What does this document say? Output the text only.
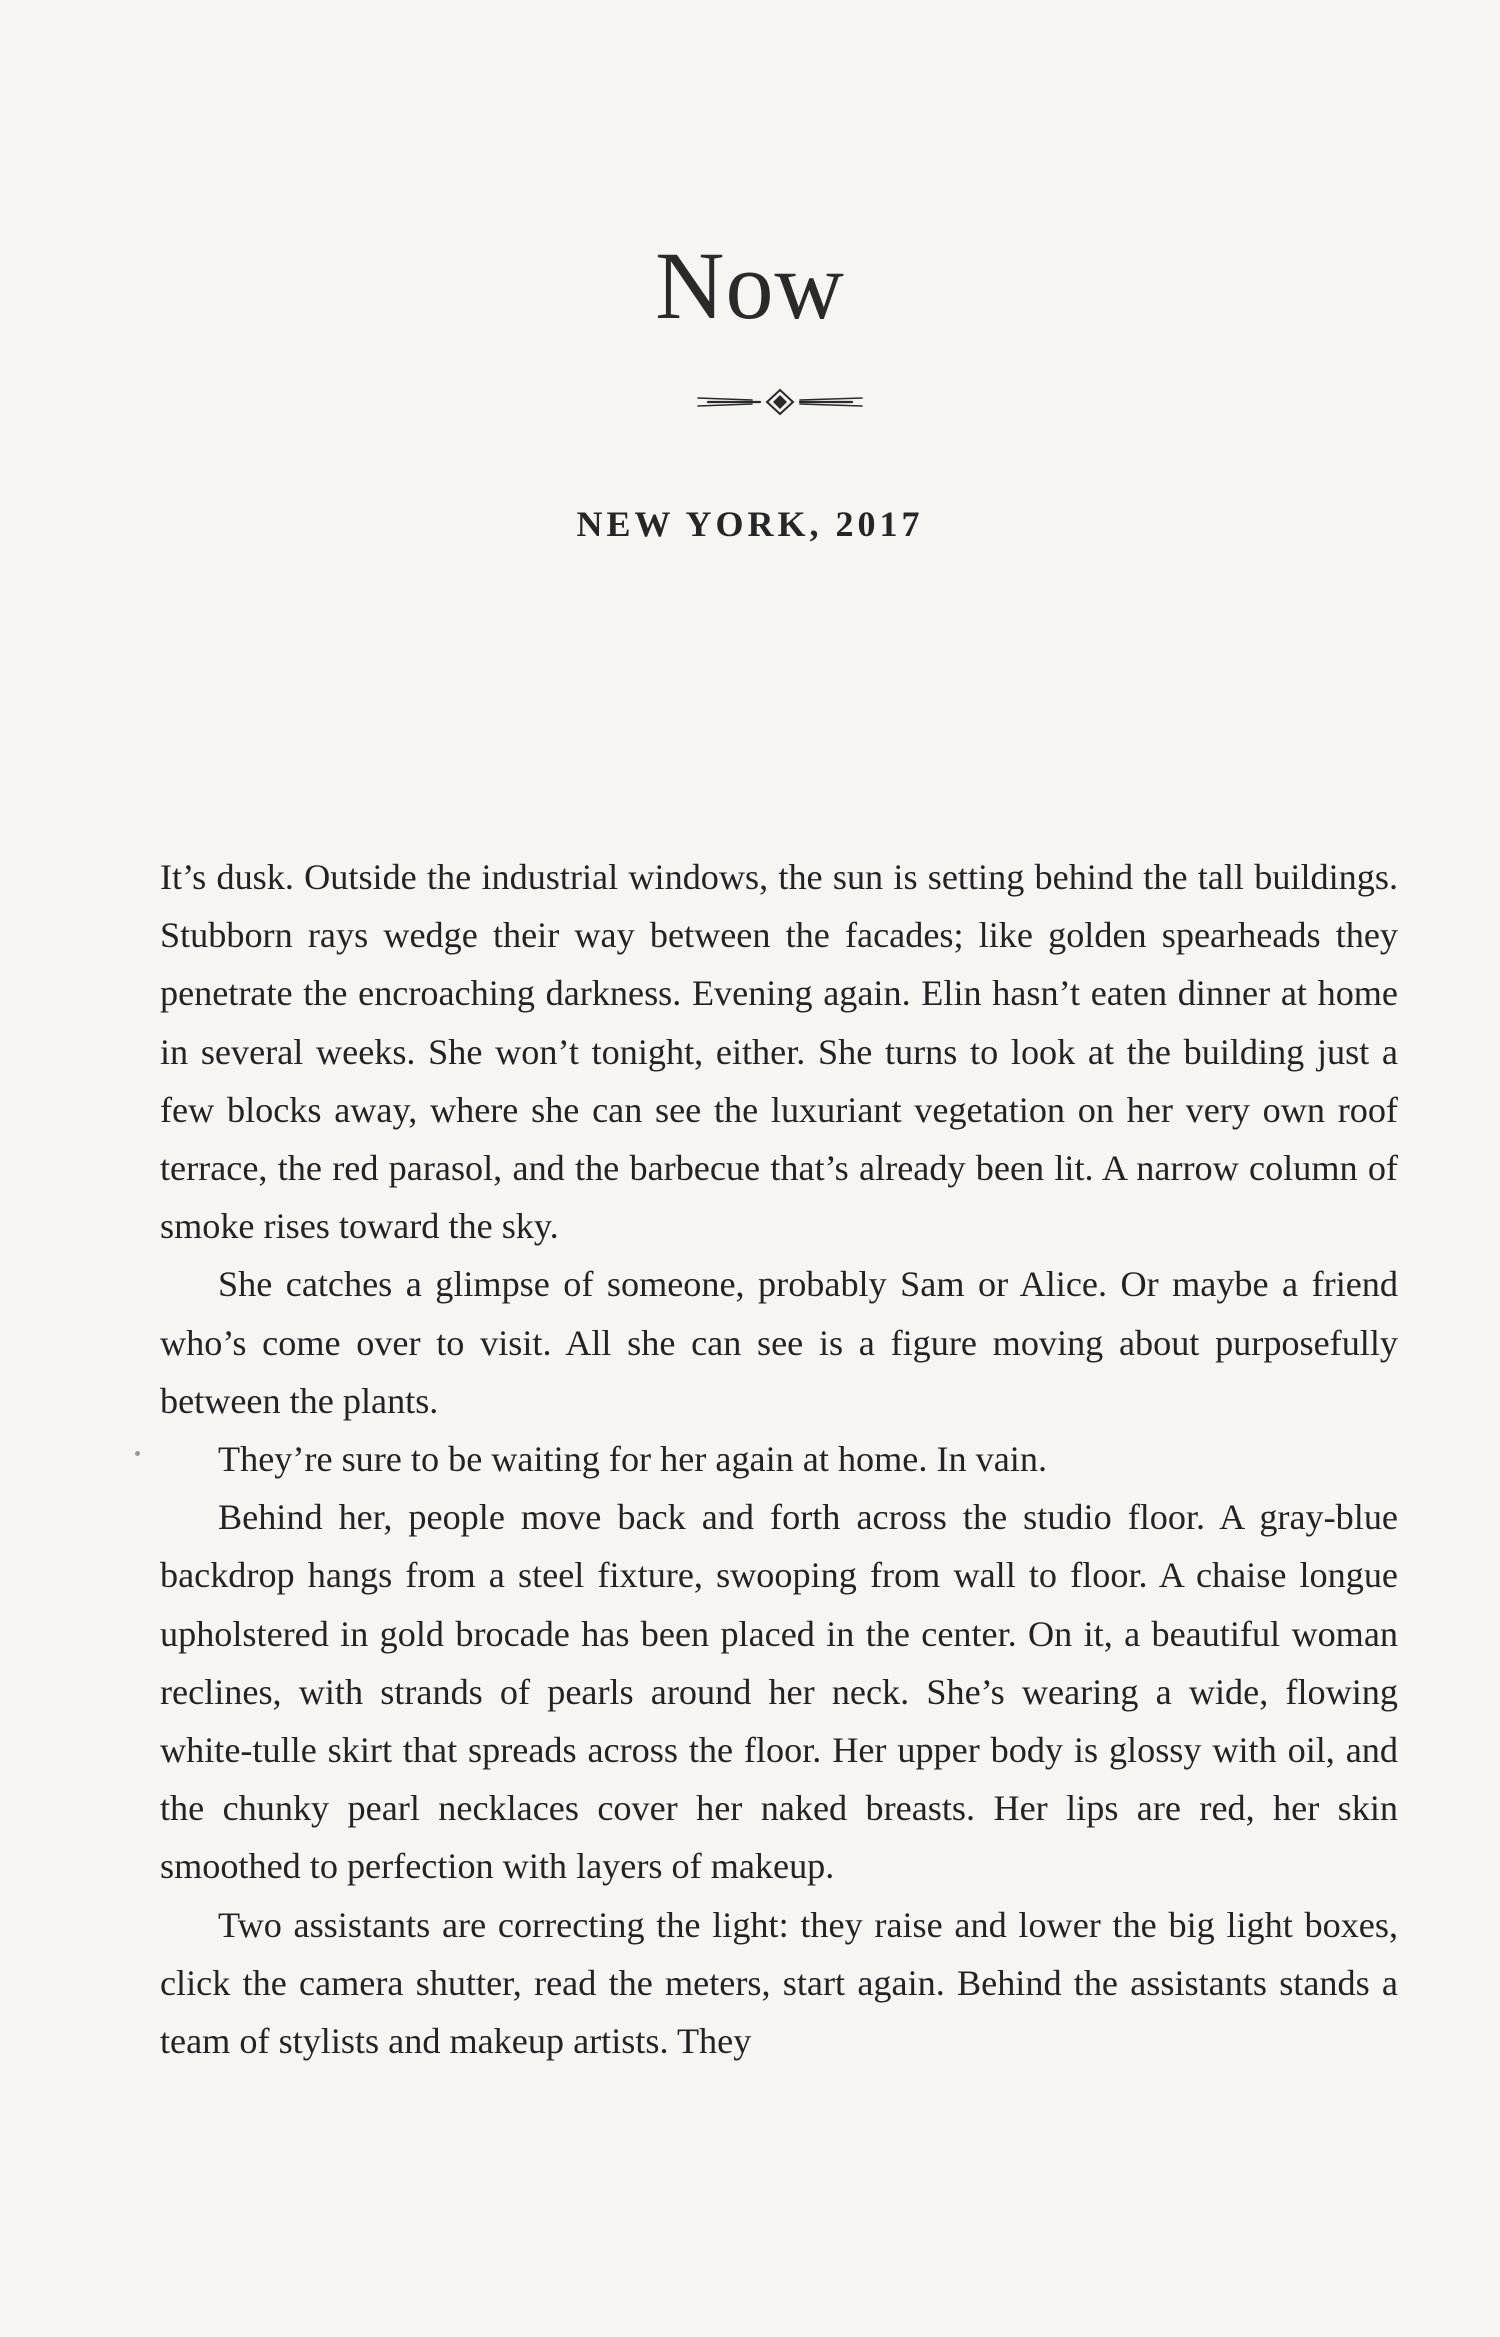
Now
NEW YORK, 2017

It’s dusk. Outside the industrial windows, the sun is setting behind the tall buildings. Stubborn rays wedge their way between the facades; like golden spearheads they penetrate the encroaching darkness. Evening again. Elin hasn’t eaten dinner at home in several weeks. She won’t tonight, either. She turns to look at the building just a few blocks away, where she can see the luxuriant vegetation on her very own roof terrace, the red parasol, and the barbecue that’s already been lit. A narrow column of smoke rises toward the sky.

She catches a glimpse of someone, probably Sam or Alice. Or maybe a friend who’s come over to visit. All she can see is a figure moving about purposefully between the plants.

They’re sure to be waiting for her again at home. In vain.

Behind her, people move back and forth across the studio floor. A gray-blue backdrop hangs from a steel fixture, swooping from wall to floor. A chaise longue upholstered in gold brocade has been placed in the center. On it, a beautiful woman reclines, with strands of pearls around her neck. She’s wearing a wide, flowing white-tulle skirt that spreads across the floor. Her upper body is glossy with oil, and the chunky pearl necklaces cover her naked breasts. Her lips are red, her skin smoothed to perfection with layers of makeup.

Two assistants are correcting the light: they raise and lower the big light boxes, click the camera shutter, read the meters, start again. Behind the assistants stands a team of stylists and makeup artists. They
